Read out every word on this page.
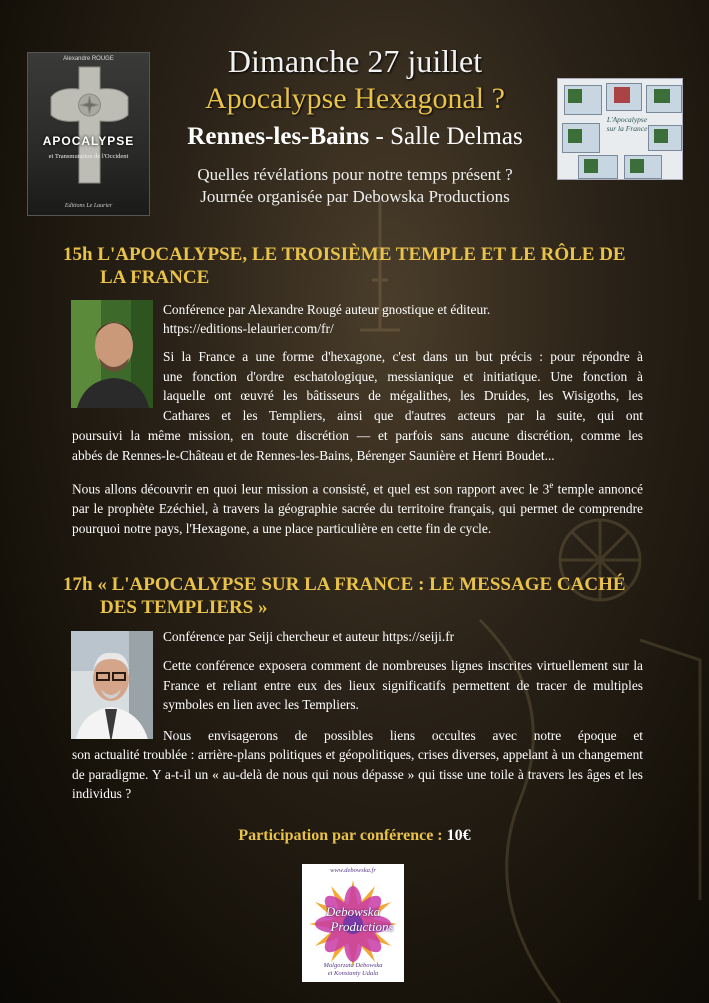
Alexandre ROUGE
APOCALYPSE
et Transmutation de l'Occident
Editions Le Laurier
Dimanche 27 juillet
Apocalypse Hexagonal ?
Rennes-les-Bains - Salle Delmas
Quelles révélations pour notre temps présent ?
Journée organisée par Debowska Productions
L'Apocalypse sur la France
15h L'APOCALYPSE, LE TROISIÈME TEMPLE ET LE RÔLE DE
LA FRANCE
Conférence par Alexandre Rougé auteur gnostique et éditeur.
https://editions-lelaurier.com/fr/
Si la France a une forme d'hexagone, c'est dans un but précis : pour répondre à
une fonction d'ordre eschatologique, messianique et initiatique. Une fonction à
laquelle ont œuvré les bâtisseurs de mégalithes, les Druides, les Wisigoths, les
Cathares et les Templiers, ainsi que d'autres acteurs par la suite, qui ont
poursuivi la même mission, en toute discrétion — et parfois sans aucune discrétion, comme les
abbés de Rennes-le-Château et de Rennes-les-Bains, Bérenger Saunière et Henri Boudet...
Nous allons découvrir en quoi leur mission a consisté, et quel est son rapport avec le 3e temple annoncé par le prophète Ezéchiel, à travers la géographie sacrée du territoire français, qui permet de comprendre pourquoi notre pays, l'Hexagone, a une place particulière en cette fin de cycle.
17h « L'APOCALYPSE SUR LA FRANCE : LE MESSAGE CACHÉ
DES TEMPLIERS »
Conférence par Seiji chercheur et auteur https://seiji.fr
Cette conférence exposera comment de nombreuses lignes inscrites virtuellement sur la France et reliant entre eux des lieux significatifs permettent de tracer de multiples symboles en lien avec les Templiers.
Nous envisagerons de possibles liens occultes avec notre époque et
son actualité troublée : arrière-plans politiques et géopolitiques, crises diverses, appelant à un changement de paradigme. Y a-t-il un « au-delà de nous qui nous dépasse » qui tisse une toile à travers les âges et les individus ?
Participation par conférence : 10€
www.debowska.fr
Debowska
Productions
Malgorzata Debowska
et Konstanty Udala
